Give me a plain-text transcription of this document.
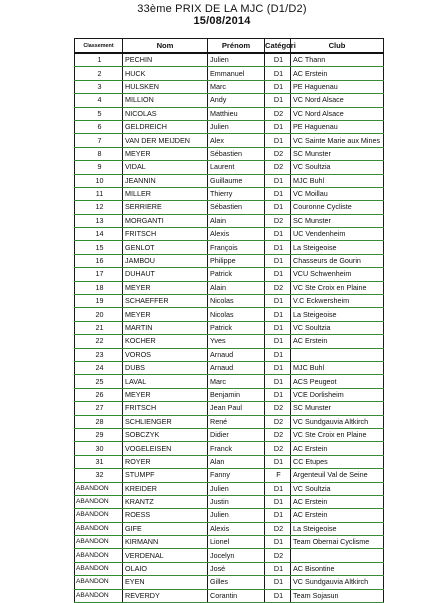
33ème PRIX DE LA MJC (D1/D2)
15/08/2014
Classement	Nom	Prénom	Catégori	Club
1	PECHIN	Julien	D1	AC Thann
2	HUCK	Emmanuel	D1	AC Erstein
3	HULSKEN	Marc	D1	PE Haguenau
4	MILLION	Andy	D1	VC Nord Alsace
5	NICOLAS	Matthieu	D2	VC Nord Alsace
6	GELDREICH	Julien	D1	PE Haguenau
7	VAN DER MEIJDEN	Alex	D1	VC Sainte Marie aux Mines
8	MEYER	Sébastien	D2	SC Munster
9	VIDAL	Laurent	D2	VC Soultzia
10	JEANNIN	Guillaume	D1	MJC Buhl
11	MILLER	Thierry	D1	VC Moillau
12	SERRIERE	Sébastien	D1	Couronne Cycliste
13	MORGANTI	Alain	D2	SC Munster
14	FRITSCH	Alexis	D1	UC Vendenheim
15	GENLOT	François	D1	La Steigeoise
16	JAMBOU	Philippe	D1	Chasseurs de Gourin
17	DUHAUT	Patrick	D1	VCU Schwenheim
18	MEYER	Alain	D2	VC Ste Croix en Plaine
19	SCHAEFFER	Nicolas	D1	V.C Eckwersheim
20	MEYER	Nicolas	D1	La Steigeoise
21	MARTIN	Patrick	D1	VC Soultzia
22	KOCHER	Yves	D1	AC Erstein
23	VOROS	Arnaud	D1	
24	DUBS	Arnaud	D1	MJC Buhl
25	LAVAL	Marc	D1	ACS Peugeot
26	MEYER	Benjamin	D1	VCE Dorlisheim
27	FRITSCH	Jean Paul	D2	SC Munster
28	SCHLIENGER	René	D2	VC Sundgauvia Altkirch
29	SOBCZYK	Didier	D2	VC Ste Croix en Plaine
30	VOGELEISEN	Franck	D2	AC Erstein
31	ROYER	Alan	D1	CC Etupes
32	STUMPF	Fanny	F	Argenteuil Val de Seine
ABANDON	KREIDER	Julien	D1	VC Soultzia
ABANDON	KRANTZ	Justin	D1	AC Erstein
ABANDON	ROESS	Julien	D1	AC Erstein
ABANDON	GIFE	Alexis	D2	La Steigeoise
ABANDON	KIRMANN	Lionel	D1	Team Obernai Cyclisme
ABANDON	VERDENAL	Jocelyn	D2	
ABANDON	OLAIO	José	D1	AC Bisontine
ABANDON	EYEN	Gilles	D1	VC Sundgauvia Altkirch
ABANDON	REVERDY	Corantin	D1	Team Sojasun
